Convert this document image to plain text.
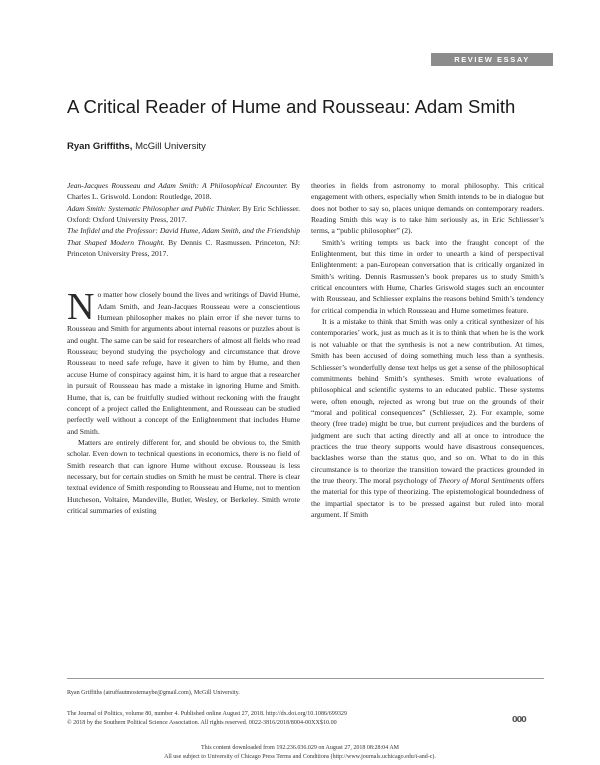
REVIEW ESSAY
A Critical Reader of Hume and Rousseau: Adam Smith
Ryan Griffiths, McGill University

Jean-Jacques Rousseau and Adam Smith: A Philosophical Encounter. By Charles L. Griswold. London: Routledge, 2018.

Adam Smith: Systematic Philosopher and Public Thinker. By Eric Schliesser. Oxford: Oxford University Press, 2017.

The Infidel and the Professor: David Hume, Adam Smith, and the Friendship That Shaped Modern Thought. By Dennis C. Rasmussen. Princeton, NJ: Princeton University Press, 2017.

No matter how closely bound the lives and writings of David Hume, Adam Smith, and Jean-Jacques Rousseau were a conscientious Humean philosopher makes no plain error if she never turns to Rousseau and Smith for arguments about internal reasons or puzzles about is and ought. The same can be said for researchers of almost all fields who read Rousseau; beyond studying the psychology and circumstance that drove Rousseau to need safe refuge, have it given to him by Hume, and then accuse Hume of conspiracy against him, it is hard to argue that a researcher in pursuit of Rousseau has made a mistake in ignoring Hume and Smith. Hume, that is, can be fruitfully studied without reckoning with the fraught concept of a project called the Enlightenment, and Rousseau can be studied perfectly well without a concept of the Enlightenment that includes Hume and Smith.

Matters are entirely different for, and should be obvious to, the Smith scholar. Even down to technical questions in economics, there is no field of Smith research that can ignore Hume without excuse. Rousseau is less necessary, but for certain studies on Smith he must be central. There is clear textual evidence of Smith responding to Rousseau and Hume, not to mention Hutcheson, Voltaire, Mandeville, Butler, Wesley, or Berkeley. Smith wrote critical summaries of existing

theories in fields from astronomy to moral philosophy. This critical engagement with others, especially when Smith intends to be in dialogue but does not bother to say so, places unique demands on contemporary readers. Reading Smith this way is to take him seriously as, in Eric Schliesser’s terms, a “public philosopher” (2).

Smith’s writing tempts us back into the fraught concept of the Enlightenment, but this time in order to unearth a kind of perspectival Enlightenment: a pan-European conversation that is critically organized in Smith’s writing. Dennis Rasmussen’s book prepares us to study Smith’s critical encounters with Hume, Charles Griswold stages such an encounter with Rousseau, and Schliesser explains the reasons behind Smith’s tendency for critical compendia in which Rousseau and Hume sometimes feature.

It is a mistake to think that Smith was only a critical synthesizer of his contemporaries’ work, just as much as it is to think that when he is the work is not valuable or that the synthesis is not a new contribution. At times, Smith has been accused of doing something much less than a synthesis. Schliesser’s wonderfully dense text helps us get a sense of the philosophical commitments behind Smith’s syntheses. Smith wrote evaluations of philosophical and scientific systems to an educated public. These systems were, often enough, rejected as wrong but true on the grounds of their “moral and political consequences” (Schliesser, 2). For example, some theory (free trade) might be true, but current prejudices and the burdens of judgment are such that acting directly and all at once to introduce the practices the true theory supports would have disastrous consequences, backlashes worse than the status quo, and so on. What to do in this circumstance is to theorize the transition toward the practices grounded in the true theory. The moral psychology of Theory of Moral Sentiments offers the material for this type of theorizing. The epistemological boundedness of the impartial spectator is to be pressed against but ruled into moral argument. If Smith

Ryan Griffiths (atruffautmostemaybe@gmail.com), McGill University.
The Journal of Politics, volume 80, number 4. Published online August 27, 2018. http://dx.doi.org/10.1086/699329
© 2018 by the Southern Political Science Association. All rights reserved. 0022-3816/2018/8004-00XX$10.00	000
This content downloaded from 192.236.036.029 on August 27, 2018 08:28:04 AM
All use subject to University of Chicago Press Terms and Conditions (http://www.journals.uchicago.edu/t-and-c).
